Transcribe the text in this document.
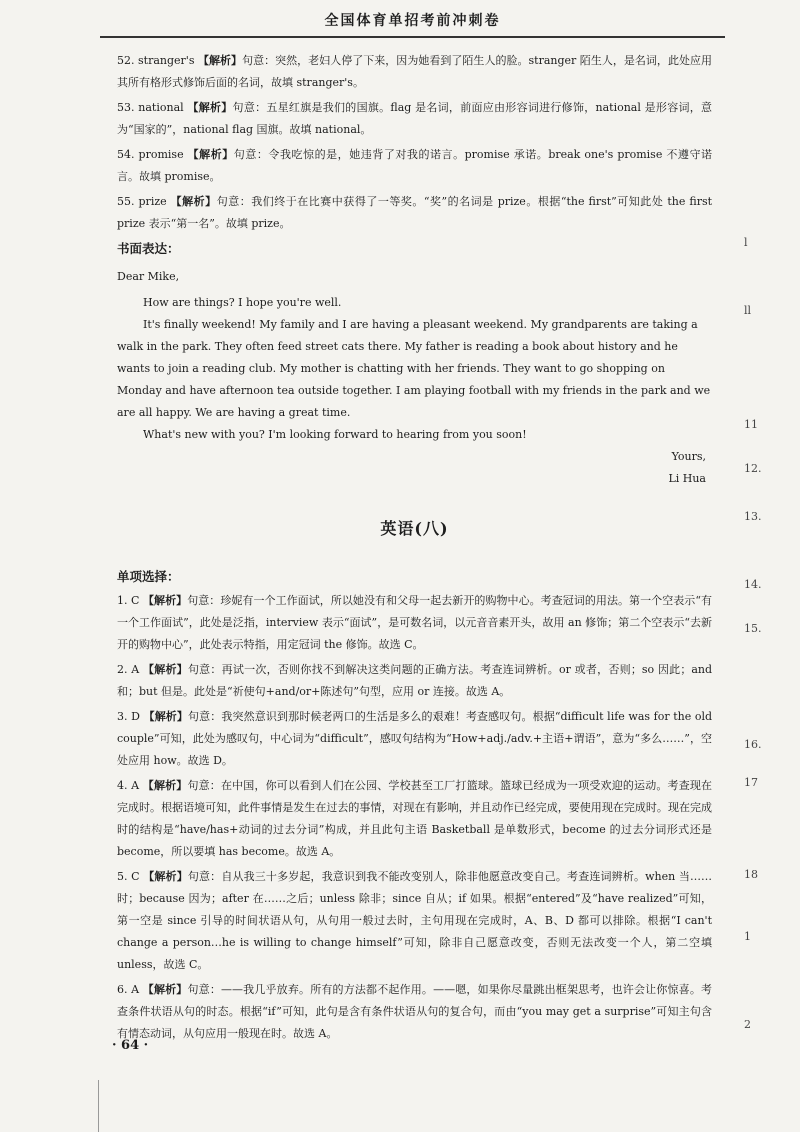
全国体育单招考前冲刺卷
52. stranger's 【解析】句意：突然，老妇人停了下来，因为她看到了陌生人的脸。stranger 陌生人，是名词，此处应用其所有格形式修饰后面的名词，故填 stranger's。
53. national 【解析】句意：五星红旗是我们的国旗。flag 是名词，前面应由形容词进行修饰，national 是形容词，意为“国家的”，national flag 国旗。故填 national。
54. promise 【解析】句意：令我吃惊的是，她违背了对我的诺言。promise 承诺。break one's promise 不遵守诺言。故填 promise。
55. prize 【解析】句意：我们终于在比赛中获得了一等奖。“奖”的名词是 prize。根据“the first”可知此处 the first prize 表示“第一名”。故填 prize。
书面表达：

Dear Mike,

How are things? I hope you're well.

It's finally weekend! My family and I are having a pleasant weekend. My grandparents are taking a walk in the park. They often feed street cats there. My father is reading a book about history and he wants to join a reading club. My mother is chatting with her friends. They want to go shopping on Monday and have afternoon tea outside together. I am playing football with my friends in the park and we are all happy. We are having a great time.

What's new with you? I'm looking forward to hearing from you soon!

Yours,

Li Hua

英语(八)
单项选择：
1. C 【解析】句意：珍妮有一个工作面试，所以她没有和父母一起去新开的购物中心。考查冠词的用法。第一个空表示“有一个工作面试”，此处是泛指，interview 表示“面试”，是可数名词，以元音音素开头，故用 an 修饰；第二个空表示“去新开的购物中心”，此处表示特指，用定冠词 the 修饰。故选 C。
2. A 【解析】句意：再试一次，否则你找不到解决这类问题的正确方法。考查连词辨析。or 或者，否则；so 因此；and 和；but 但是。此处是“祈使句+and/or+陈述句”句型，应用 or 连接。故选 A。
3. D 【解析】句意：我突然意识到那时候老两口的生活是多么的艰难！考查感叹句。根据“difficult life was for the old couple”可知，此处为感叹句，中心词为“difficult”，感叹句结构为“How+adj./adv.+主语+谓语”，意为“多么……”，空处应用 how。故选 D。
4. A 【解析】句意：在中国，你可以看到人们在公园、学校甚至工厂打篮球。篮球已经成为一项受欢迎的运动。考查现在完成时。根据语境可知，此件事情是发生在过去的事情，对现在有影响，并且动作已经完成，要使用现在完成时。现在完成时的结构是“have/has+动词的过去分词”构成，并且此句主语 Basketball 是单数形式，become 的过去分词形式还是 become，所以要填 has become。故选 A。
5. C 【解析】句意：自从我三十多岁起，我意识到我不能改变别人，除非他愿意改变自己。考查连词辨析。when 当……时；because 因为；after 在……之后；unless 除非；since 自从；if 如果。根据“entered”及“have realized”可知，第一空是 since 引导的时间状语从句，从句用一般过去时，主句用现在完成时，A、B、D 都可以排除。根据“I can't change a person…he is willing to change himself”可知，除非自己愿意改变，否则无法改变一个人，第二空填 unless，故选 C。
6. A 【解析】句意：——我几乎放弃。所有的方法都不起作用。——嗯，如果你尽量跳出框架思考，也许会让你惊喜。考查条件状语从句的时态。根据“if”可知，此句是含有条件状语从句的复合句，而由“you may get a surprise”可知主句含有情态动词，从句应用一般现在时。故选 A。
· 64 ·
l
ll
11
12.
13.
14.
15.
16.
17
18
1
2
